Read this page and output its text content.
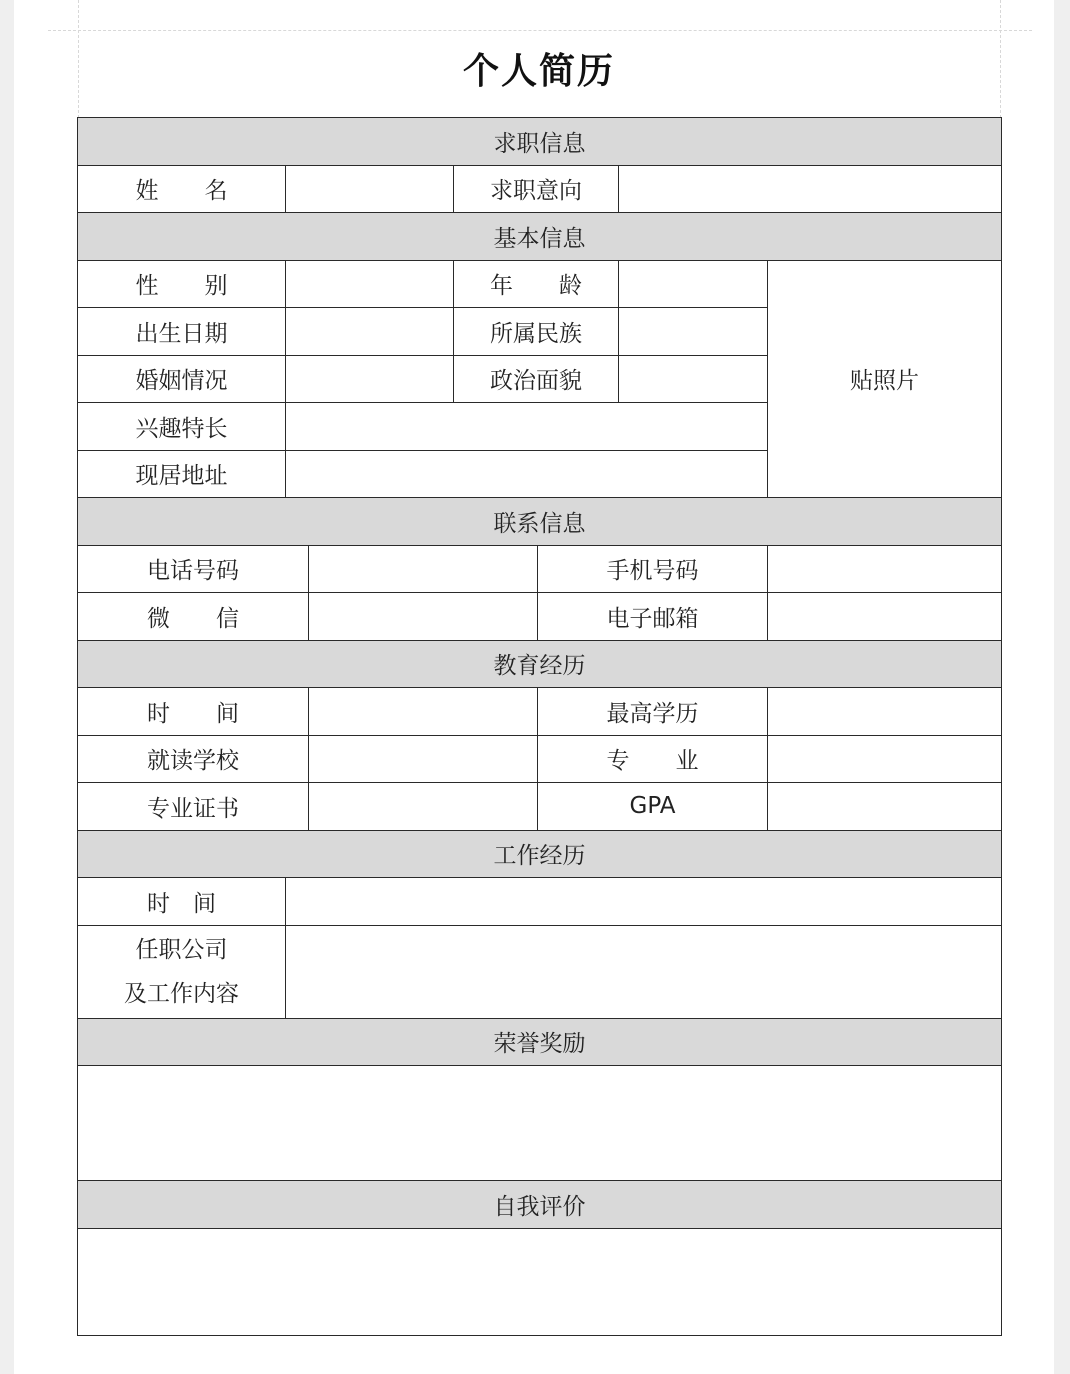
个人简历
求职信息						
姓　　名			求职意向			
基本信息						
性　　别			年　　龄			贴照片
出生日期			所属民族			
婚姻情况			政治面貌			
兴趣特长						
现居地址						
联系信息						
电话号码				手机号码		
微　　信				电子邮箱		
教育经历						
时　　间				最高学历		
就读学校				专　　业		
专业证书				GPA		
工作经历						
时　间						

任职公司
及工作内容						

荣誉奖励						

自我评价						
